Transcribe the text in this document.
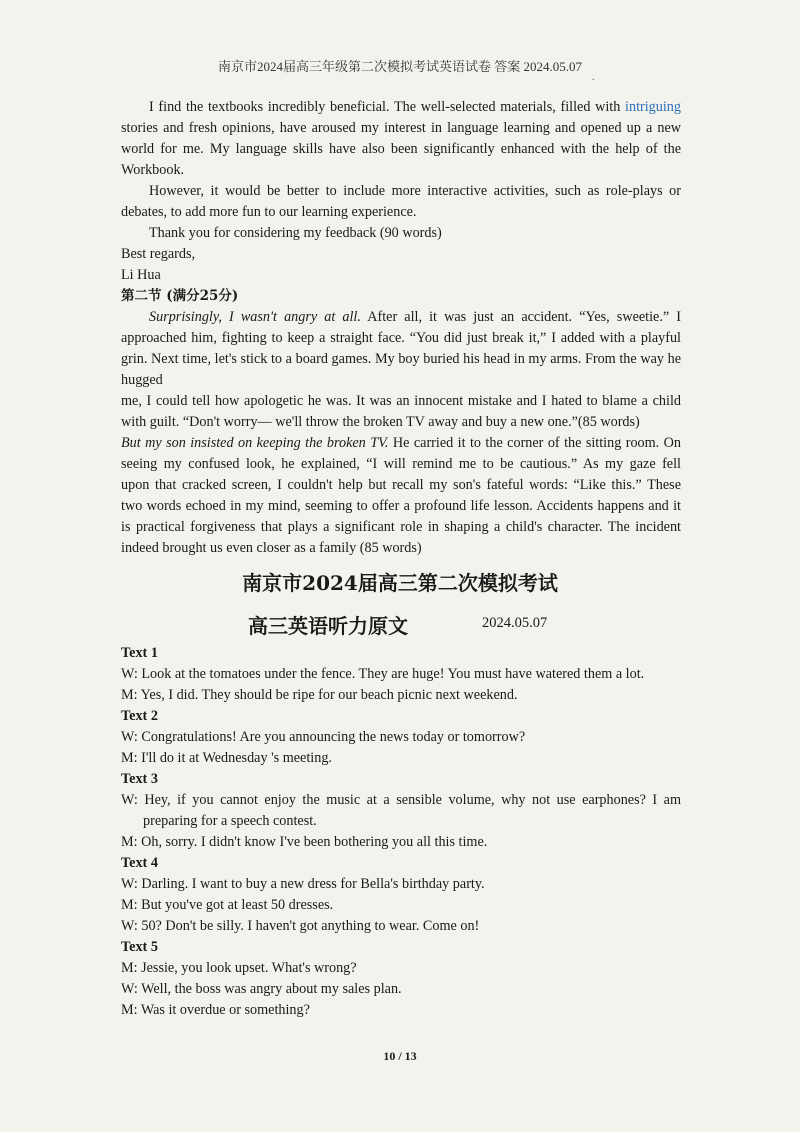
南京市2024届高三年级第二次模拟考试英语试卷 答案 2024.05.07
.

I find the textbooks incredibly beneficial. The well-selected materials, filled with intriguing

stories and fresh opinions, have aroused my interest in language learning and opened up a new

world for me. My language skills have also been significantly enhanced with the help of the

Workbook.

However, it would be better to include more interactive activities, such as role-plays or

debates, to add more fun to our learning experience.

Thank you for considering my feedback (90 words)

Best regards,

Li Hua

第二节 (满分25分)

Surprisingly, I wasn't angry at all. After all, it was just an accident. “Yes, sweetie.” I

approached him, fighting to keep a straight face. “You did just break it,” I added with a playful

grin. Next time, let's stick to a board games. My boy buried his head in my arms. From the way he

hugged

me, I could tell how apologetic he was. It was an innocent mistake and I hated to blame a child

with guilt. “Don't worry— we'll throw the broken TV away and buy a new one.”(85 words)

But my son insisted on keeping the broken TV. He carried it to the corner of the sitting room. On

seeing my confused look, he explained, “I will remind me to be cautious.” As my gaze fell

upon that cracked screen, I couldn't help but recall my son's fateful words: “Like this.” These

two words echoed in my mind, seeming to offer a profound life lesson. Accidents happens and it

is practical forgiveness that plays a significant role in shaping a child's character. The incident

indeed brought us even closer as a family (85 words)

南京市2024届高三第二次模拟考试
高三英语听力原文	2024.05.07

Text 1

W: Look at the tomatoes under the fence. They are huge! You must have watered them a lot.

M: Yes, I did. They should be ripe for our beach picnic next weekend.

Text 2

W: Congratulations! Are you announcing the news today or tomorrow?

M: I'll do it at Wednesday 's meeting.

Text 3

W: Hey, if you cannot enjoy the music at a sensible volume, why not use earphones? I am preparing for a speech contest.

M: Oh, sorry. I didn't know I've been bothering you all this time.

Text 4

W: Darling. I want to buy a new dress for Bella's birthday party.

M: But you've got at least 50 dresses.

W: 50? Don't be silly. I haven't got anything to wear. Come on!

Text 5

M: Jessie, you look upset. What's wrong?

W: Well, the boss was angry about my sales plan.

M: Was it overdue or something?

10 / 13
